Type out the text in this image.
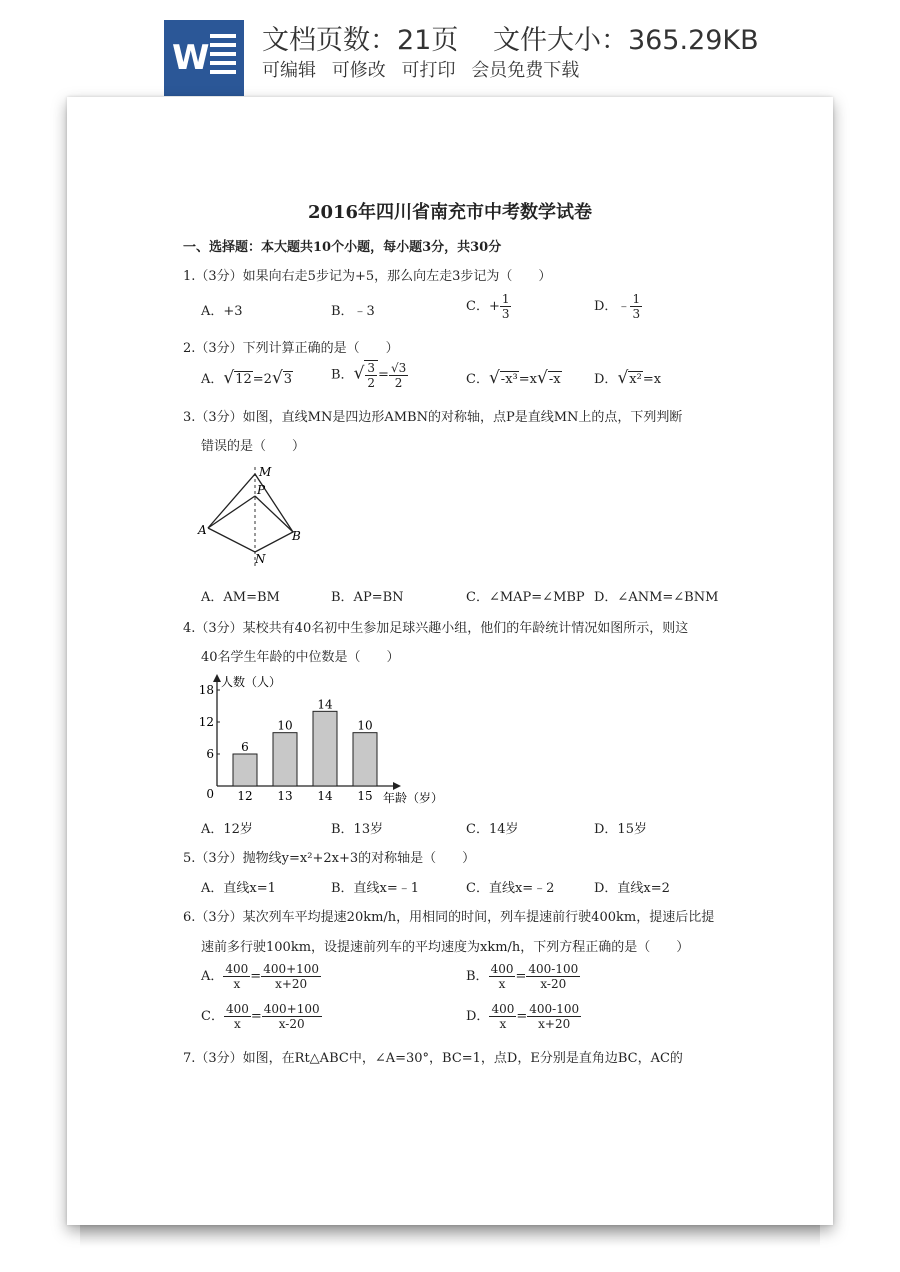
W 文档页数：21页 文件大小：365.29KB
可编辑 可修改 可打印 会员免费下载
2016年四川省南充市中考数学试卷
一、选择题：本大题共10个小题，每小题3分，共30分
1.（3分）如果向右走5步记为+5，那么向左走3步记为（　　）
A．+3	B．﹣3	C．+ $\frac{1}{3}$	D．﹣ $\frac{1}{3}$
2.（3分）下列计算正确的是（　　）
A．√12=2√3	B．√ $\frac{3}{2} = \frac{√3}{2}$	C．√-x³=x√-x	D．√x²=x
3.（3分）如图，直线MN是四边形AMBN的对称轴，点P是直线MN上的点，下列判断
错误的是（　　）
M
P
A	B
N
A．AM=BM	B．AP=BN	C．∠MAP=∠MBP D．∠ANM=∠BNM
4.（3分）某校共有40名初中生参加足球兴趣小组，他们的年龄统计情况如图所示，则这
40名学生年龄的中位数是（　　）
人数（人）
年龄（岁）
0
6
12
18
6
12
10
13
14
14
10
15
A．12岁	B．13岁	C．14岁	D．15岁
5.（3分）抛物线y=x²+2x+3的对称轴是（　　）
A．直线x=1	B．直线x=﹣1	C．直线x=﹣2	D．直线x=2
6.（3分）某次列车平均提速20km/h，用相同的时间，列车提速前行驶400km，提速后比提
速前多行驶100km，设提速前列车的平均速度为xkm/h，下列方程正确的是（　　）
A． $\frac{400}{x} = \frac{400+100}{x+20}$	B． $\frac{400}{x} = \frac{400-100}{x-20}$
C． $\frac{400}{x} = \frac{400+100}{x-20}$	D． $\frac{400}{x} = \frac{400-100}{x+20}$
7.（3分）如图，在Rt△ABC中，∠A=30°，BC=1，点D，E分别是直角边BC，AC的
